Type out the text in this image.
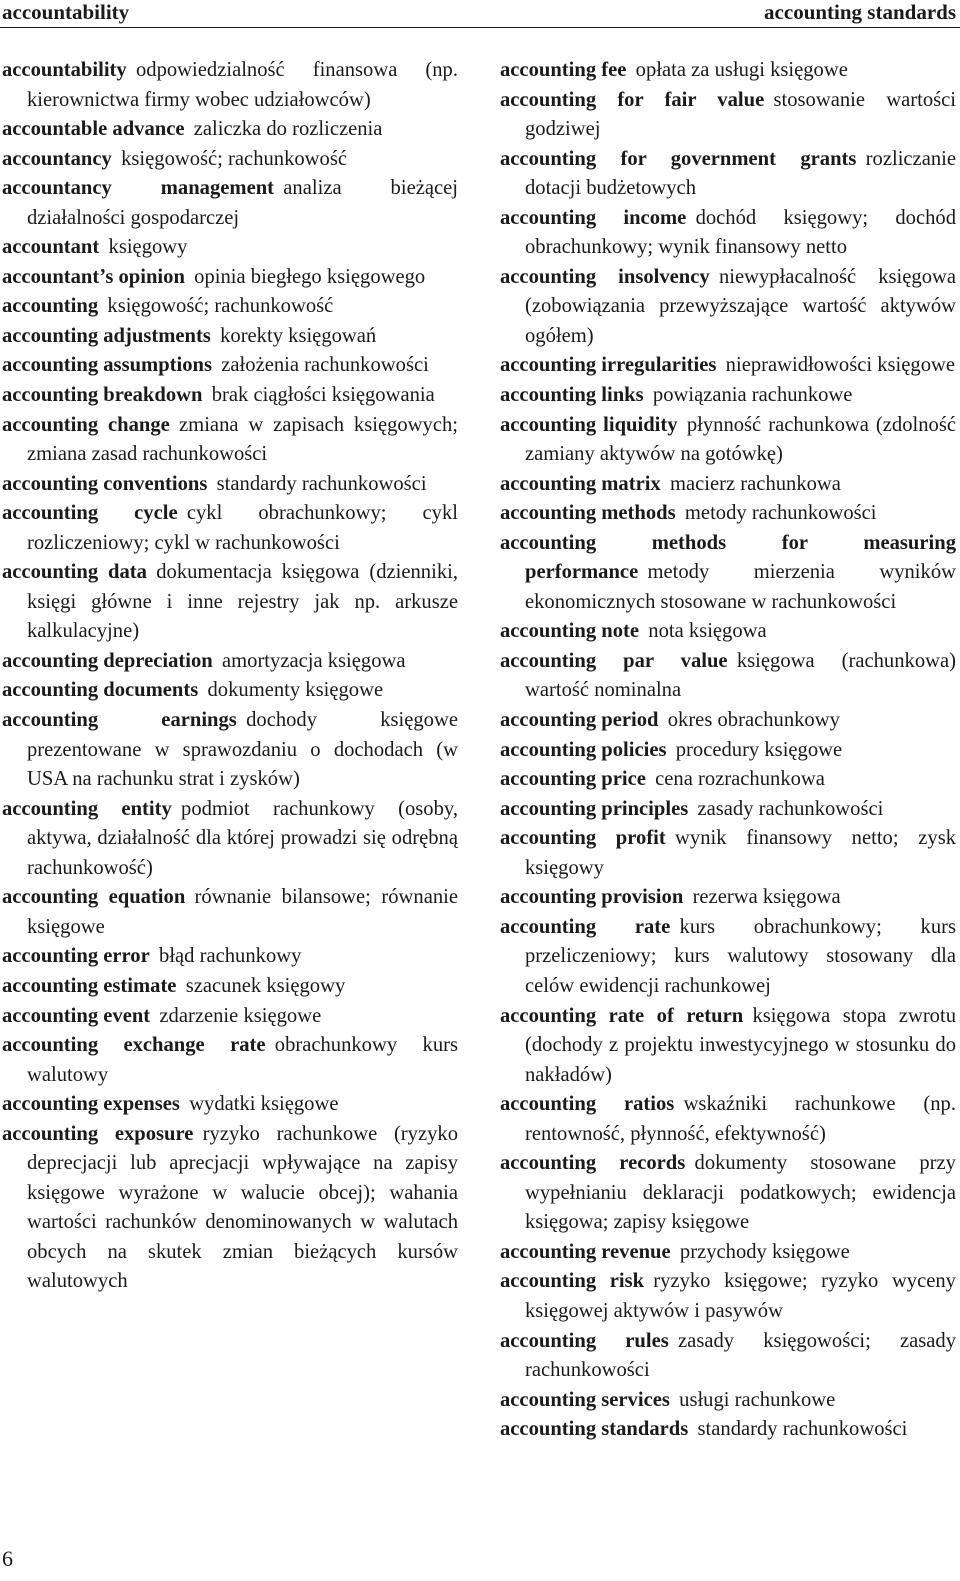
accountability	accounting standards

accountability odpowiedzialność finansowa (np. kierownictwa firmy wobec udziałowców)

accountable advance zaliczka do rozliczenia

accountancy księgowość; rachunkowość

accountancy management analiza bieżącej działalności gospodarczej

accountant księgowy

accountant’s opinion opinia biegłego księgowego

accounting księgowość; rachunkowość

accounting adjustments korekty księgowań

accounting assumptions założenia rachunkowości

accounting breakdown brak ciągłości księgowania

accounting change zmiana w zapisach księgowych; zmiana zasad rachunkowości

accounting conventions standardy rachunkowości

accounting cycle cykl obrachunkowy; cykl rozliczeniowy; cykl w rachunkowości

accounting data dokumentacja księgowa (dzienniki, księgi główne i inne rejestry jak np. arkusze kalkulacyjne)

accounting depreciation amortyzacja księgowa

accounting documents dokumenty księgowe

accounting earnings dochody księgowe prezentowane w sprawozdaniu o dochodach (w USA na rachunku strat i zysków)

accounting entity podmiot rachunkowy (osoby, aktywa, działalność dla której prowadzi się odrębną rachunkowość)

accounting equation równanie bilansowe; równanie księgowe

accounting error błąd rachunkowy

accounting estimate szacunek księgowy

accounting event zdarzenie księgowe

accounting exchange rate obrachunkowy kurs walutowy

accounting expenses wydatki księgowe

accounting exposure ryzyko rachunkowe (ryzyko deprecjacji lub aprecjacji wpływające na zapisy księgowe wyrażone w walucie obcej); wahania wartości rachunków denominowanych w walutach obcych na skutek zmian bieżących kursów walutowych

accounting fee opłata za usługi księgowe

accounting for fair value stosowanie wartości godziwej

accounting for government grants rozliczanie dotacji budżetowych

accounting income dochód księgowy; dochód obrachunkowy; wynik finansowy netto

accounting insolvency niewypłacalność księgowa (zobowiązania przewyższające wartość aktywów ogółem)

accounting irregularities nieprawidłowości księgowe

accounting links powiązania rachunkowe

accounting liquidity płynność rachunkowa (zdolność zamiany aktywów na gotówkę)

accounting matrix macierz rachunkowa

accounting methods metody rachunkowości

accounting methods for measuring performance metody mierzenia wyników ekonomicznych stosowane w rachunkowości

accounting note nota księgowa

accounting par value księgowa (rachunkowa) wartość nominalna

accounting period okres obrachunkowy

accounting policies procedury księgowe

accounting price cena rozrachunkowa

accounting principles zasady rachunkowości

accounting profit wynik finansowy netto; zysk księgowy

accounting provision rezerwa księgowa

accounting rate kurs obrachunkowy; kurs przeliczeniowy; kurs walutowy stosowany dla celów ewidencji rachunkowej

accounting rate of return księgowa stopa zwrotu (dochody z projektu inwestycyjnego w stosunku do nakładów)

accounting ratios wskaźniki rachunkowe (np. rentowność, płynność, efektywność)

accounting records dokumenty stosowane przy wypełnianiu deklaracji podatkowych; ewidencja księgowa; zapisy księgowe

accounting revenue przychody księgowe

accounting risk ryzyko księgowe; ryzyko wyceny księgowej aktywów i pasywów

accounting rules zasady księgowości; zasady rachunkowości

accounting services usługi rachunkowe

accounting standards standardy rachunkowości

6
